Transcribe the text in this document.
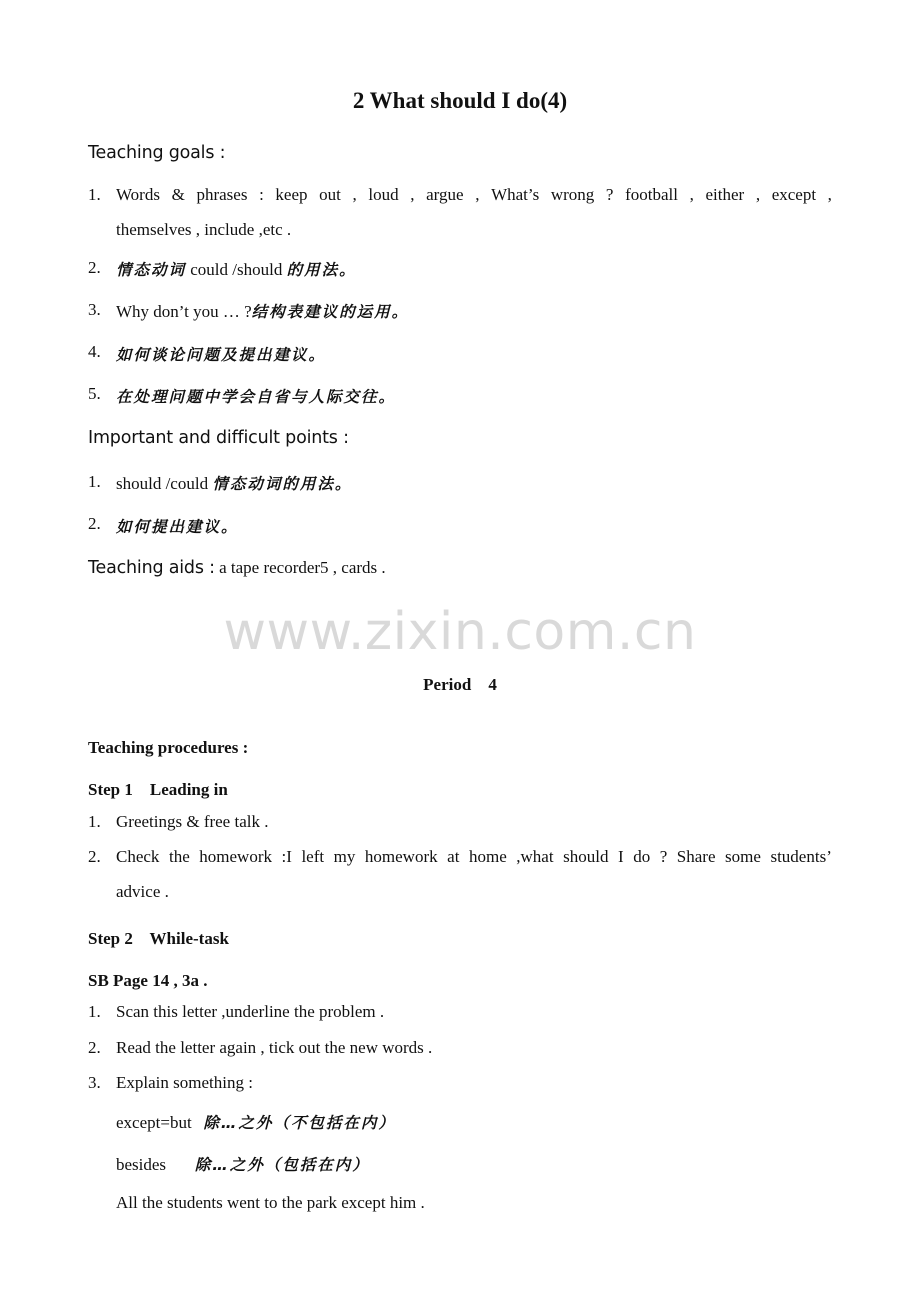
2 What should I do(4)
Teaching goals :
1. Words & phrases : keep out , loud , argue , What’s wrong ? football , either , except ,
themselves , include ,etc .
2. 情态动词 could /should 的用法。
3. Why don’t you … ?结构表建议的运用。
4. 如何谈论问题及提出建议。
5. 在处理问题中学会自省与人际交往。
Important and difficult points :
1. should /could 情态动词的用法。
2. 如何提出建议。
Teaching aids : a tape recorder5 , cards .
www.zixin.com.cn
Period    4
Teaching procedures :
Step 1    Leading in
1. Greetings & free talk .
2. Check the homework :I left my homework at home ,what should I do ? Share some students’
advice .
Step 2    While-task
SB Page 14 , 3a .
1. Scan this letter ,underline the problem .
2. Read the letter again , tick out the new words .
3. Explain something :
except=but  除…之外（不包括在内）
besides      除…之外（包括在内）
All the students went to the park except him .
